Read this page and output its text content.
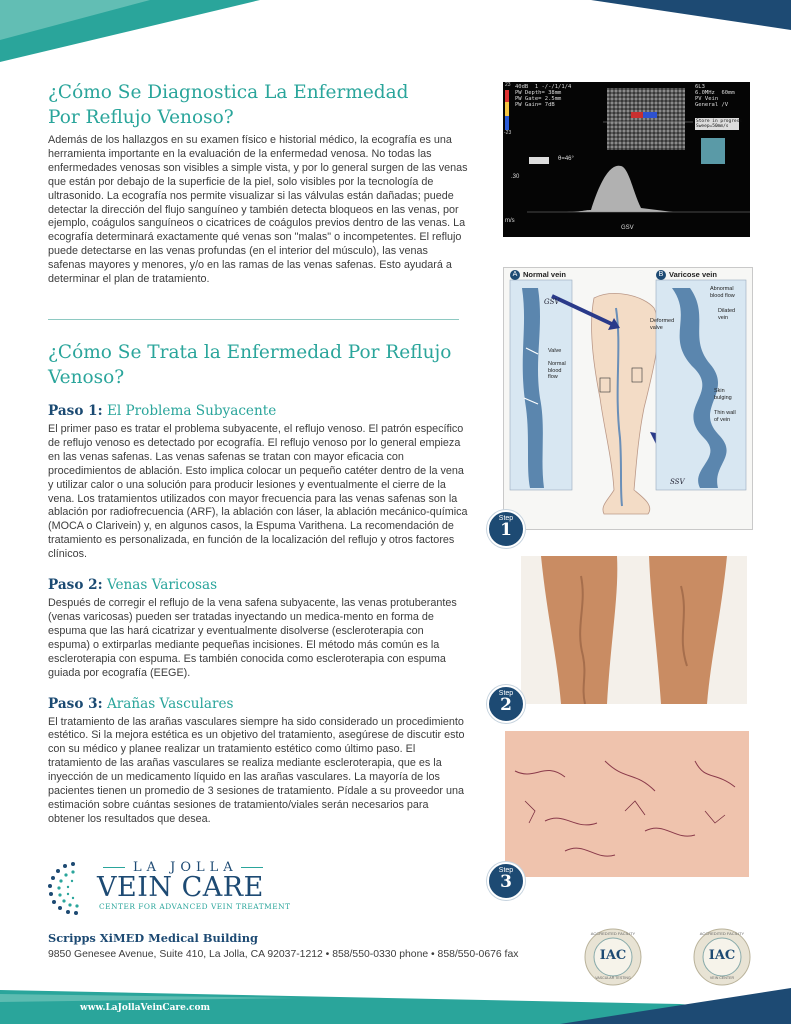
¿Cómo Se Diagnostica La Enfermedad
Por Reflujo Venoso?

Además de los hallazgos en su examen físico e historial médico, la ecografía es una herramienta importante en la evaluación de la enfermedad venosa. No todas las enfermedades venosas son visibles a simple vista, y por lo general surgen de las venas que están por debajo de la superficie de la piel, solo visibles por la tecnología de ultrasonido. La ecografía nos permite visualizar si las válvulas están dañadas; puede detectar la dirección del flujo sanguíneo y también detecta bloqueos en las venas, por ejemplo, coágulos sanguíneos o cicatrices de coágulos previos dentro de las venas. La ecografía determinará exactamente qué venas son "malas" o incompetentes. El reflujo puede detectarse en las venas profundas (en el interior del músculo), las venas safenas mayores y menores, y/o en las ramas de las venas safenas. Esto ayudará a determinar el plan de tratamiento.

¿Cómo Se Trata la Enfermedad Por Reflujo Venoso?
Paso 1: El Problema Subyacente

El primer paso es tratar el problema subyacente, el reflujo venoso. El patrón específico de reflujo venoso es detectado por ecografía. El reflujo venoso por lo general empieza en las venas safenas. Las venas safenas se tratan con mayor eficacia con procedimientos de ablación. Esto implica colocar un pequeño catéter dentro de la vena y utilizar calor o una solución para producir lesiones y eventualmente el cierre de la vena. Los tratamientos utilizados con mayor frecuencia para las venas safenas son la ablación por radiofrecuencia (ARF), la ablación con láser, la ablación mecánico-química (MOCA o Clarivein) y, en algunos casos, la Espuma Varithena. La recomendación de tratamiento es personalizada, en función de la localización del reflujo y otros factores clínicos.

Paso 2: Venas Varicosas

Después de corregir el reflujo de la vena safena subyacente, las venas protuberantes (venas varicosas) pueden ser tratadas inyectando un medica-mento en forma de espuma que las hará cicatrizar y eventualmente disolverse (escleroterapia con espuma) o extirparlas mediante pequeñas incisiones. El método más común es la escleroterapia con espuma. Es también conocida como escleroterapia con espuma guiada por ecografía (EEGE).

Paso 3: Arañas Vasculares

El tratamiento de las arañas vasculares siempre ha sido considerado un procedimiento estético. Si la mejora estética es un objetivo del tratamiento, asegúrese de discutir esto con su médico y planee realizar un tratamiento estético como último paso. El tratamiento de las arañas vasculares se realiza mediante escleroterapia, que es la inyección de un medicamento líquido en las arañas vasculares. La mayoría de los pacientes tienen un promedio de 3 sesiones de tratamiento. Pídale a su proveedor una estimación sobre cuántas sesiones de tratamiento/viales serán necesarios para obtener los resultados que desea.

23
-23
40dB  1 -/-/1/1/4
PW Depth= 38mm
PW Gate= 2.5mm
PW Gain= 7dB
6L3
6.0MHz  60mm
PV Vein
General /V
Store in progress
Sweep=50mm/s
θ=46°
.30
m/s
GSV
A Normal vein	B Varicose vein
GSV
SSV
Valve

Normal
blood
flow
Deformed
valve
Abnormal
blood flow
Dilated
vein
Skin
bulging
Thin wall
of vein
Step
1
Step
2
Step
3
LA JOLLA
VEIN CARE
CENTER FOR ADVANCED VEIN TREATMENT
Scripps XiMED Medical Building
9850 Genesee Avenue, Suite 410, La Jolla, CA 92037-1212 • 858/550-0330 phone • 858/550-0676 fax
ACCREDITED FACILITY
IAC
VASCULAR TESTING
ACCREDITED FACILITY
IAC
VEIN CENTER
www.LaJollaVeinCare.com
